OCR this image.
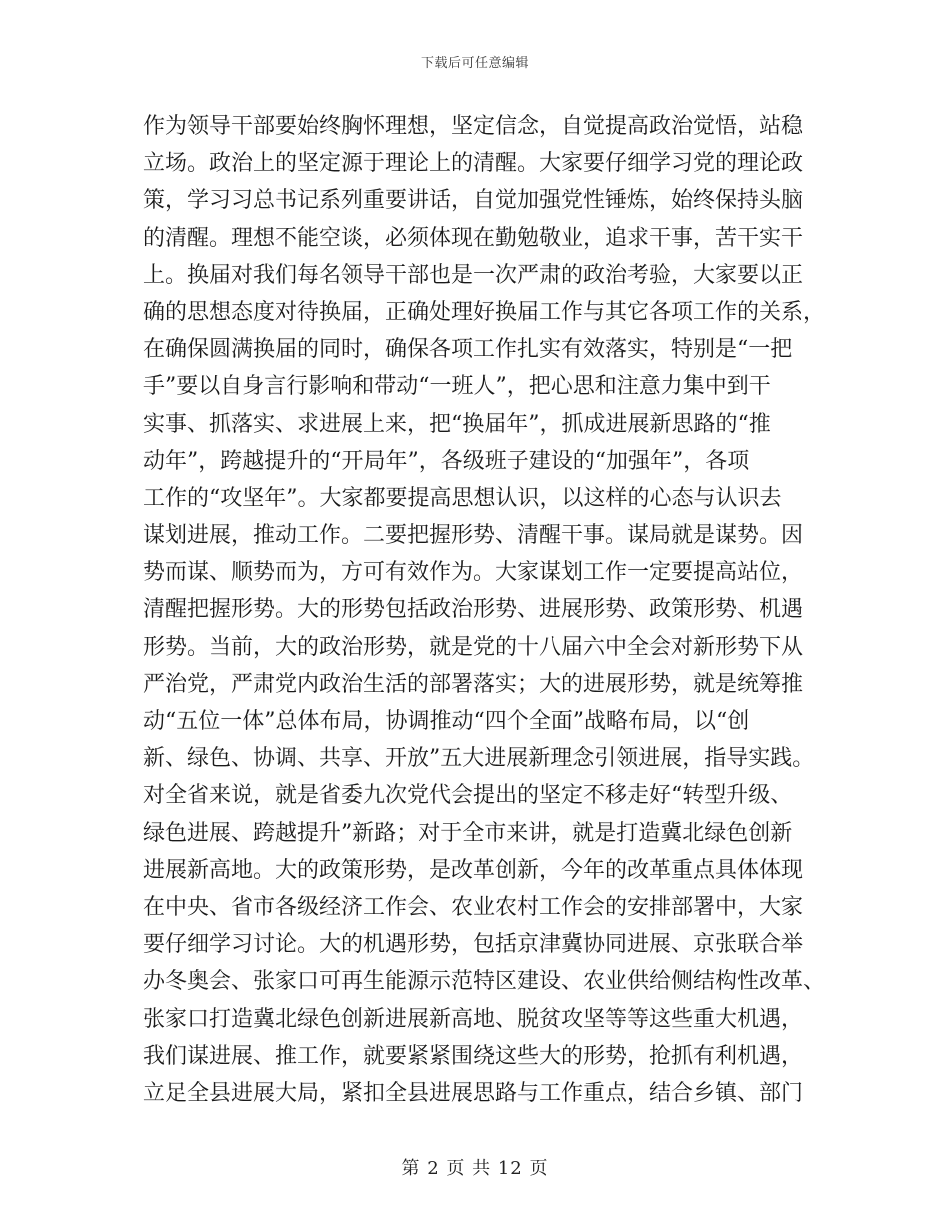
下载后可任意编辑
作为领导干部要始终胸怀理想，坚定信念，自觉提高政治觉悟，站稳
立场。政治上的坚定源于理论上的清醒。大家要仔细学习党的理论政
策，学习习总书记系列重要讲话，自觉加强党性锤炼，始终保持头脑
的清醒。理想不能空谈，必须体现在勤勉敬业，追求干事，苦干实干
上。换届对我们每名领导干部也是一次严肃的政治考验，大家要以正
确的思想态度对待换届，正确处理好换届工作与其它各项工作的关系，
在确保圆满换届的同时，确保各项工作扎实有效落实，特别是“一把
手”要以自身言行影响和带动“一班人”，把心思和注意力集中到干
实事、抓落实、求进展上来，把“换届年”，抓成进展新思路的“推
动年”，跨越提升的“开局年”，各级班子建设的“加强年”，各项
工作的“攻坚年”。大家都要提高思想认识，以这样的心态与认识去
谋划进展，推动工作。二要把握形势、清醒干事。谋局就是谋势。因
势而谋、顺势而为，方可有效作为。大家谋划工作一定要提高站位，
清醒把握形势。大的形势包括政治形势、进展形势、政策形势、机遇
形势。当前，大的政治形势，就是党的十八届六中全会对新形势下从
严治党，严肃党内政治生活的部署落实；大的进展形势，就是统筹推
动“五位一体”总体布局，协调推动“四个全面”战略布局，以“创
新、绿色、协调、共享、开放”五大进展新理念引领进展，指导实践。
对全省来说，就是省委九次党代会提出的坚定不移走好“转型升级、
绿色进展、跨越提升”新路；对于全市来讲，就是打造冀北绿色创新
进展新高地。大的政策形势，是改革创新，今年的改革重点具体体现
在中央、省市各级经济工作会、农业农村工作会的安排部署中，大家
要仔细学习讨论。大的机遇形势，包括京津冀协同进展、京张联合举
办冬奥会、张家口可再生能源示范特区建设、农业供给侧结构性改革、
张家口打造冀北绿色创新进展新高地、脱贫攻坚等等这些重大机遇，
我们谋进展、推工作，就要紧紧围绕这些大的形势，抢抓有利机遇，
立足全县进展大局，紧扣全县进展思路与工作重点，结合乡镇、部门
第 2 页 共 12 页
